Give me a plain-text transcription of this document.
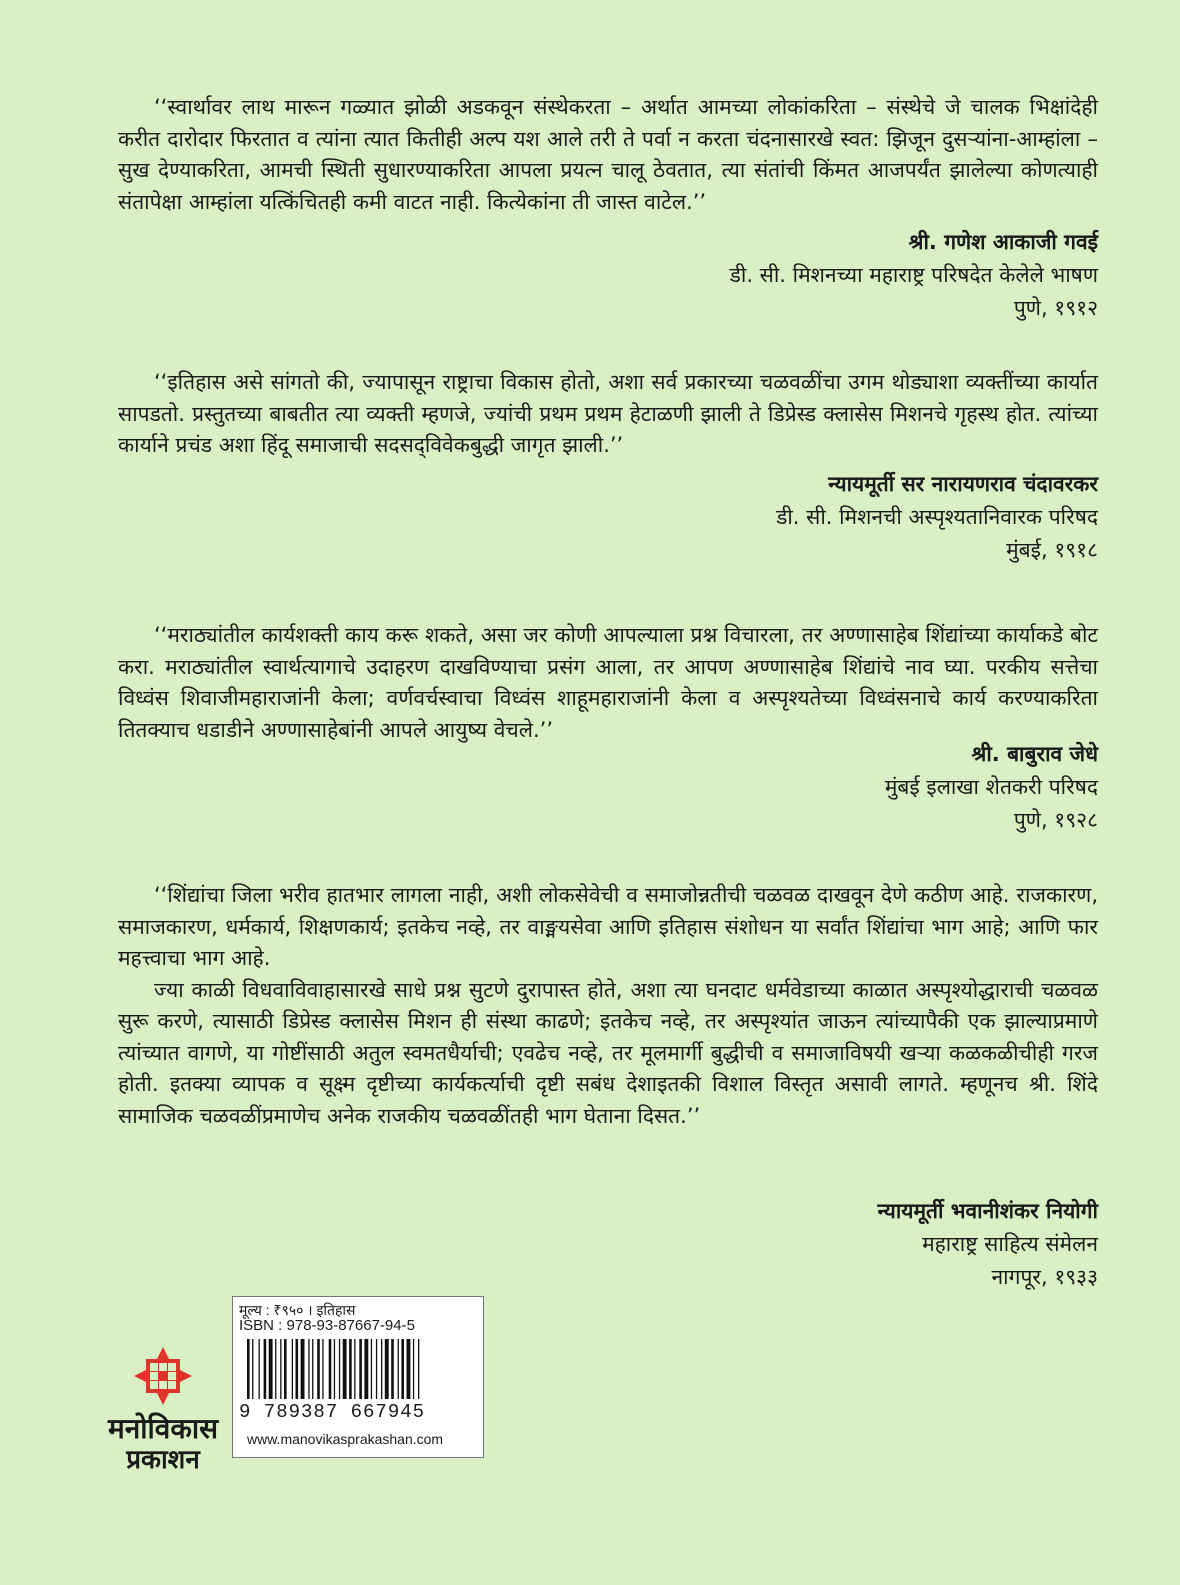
‘‘स्वार्थावर लाथ मारून गळ्यात झोळी अडकवून संस्थेकरता – अर्थात आमच्या लोकांकरिता – संस्थेचे जे चालक भिक्षांदेही करीत दारोदार फिरतात व त्यांना त्यात कितीही अल्प यश आले तरी ते पर्वा न करता चंदनासारखे स्वत: झिजून दुसऱ्यांना-आम्हांला – सुख देण्याकरिता, आमची स्थिती सुधारण्याकरिता आपला प्रयत्न चालू ठेवतात, त्या संतांची किंमत आजपर्यंत झालेल्या कोणत्याही संतापेक्षा आम्हांला यत्किंचितही कमी वाटत नाही. कित्येकांना ती जास्त वाटेल.’’

श्री. गणेश आकाजी गवई
डी. सी. मिशनच्या महाराष्ट्र परिषदेत केलेले भाषण
पुणे, १९१२

‘‘इतिहास असे सांगतो की, ज्यापासून राष्ट्राचा विकास होतो, अशा सर्व प्रकारच्या चळवळींचा उगम थोड्याशा व्यक्तींच्या कार्यात सापडतो. प्रस्तुतच्या बाबतीत त्या व्यक्ती म्हणजे, ज्यांची प्रथम प्रथम हेटाळणी झाली ते डिप्रेस्ड क्लासेस मिशनचे गृहस्थ होत. त्यांच्या कार्याने प्रचंड अशा हिंदू समाजाची सदसद्‌विवेकबुद्धी जागृत झाली.’’

न्यायमूर्ती सर नारायणराव चंदावरकर
डी. सी. मिशनची अस्पृश्यतानिवारक परिषद
मुंबई, १९१८

‘‘मराठ्यांतील कार्यशक्ती काय करू शकते, असा जर कोणी आपल्याला प्रश्न विचारला, तर अण्णासाहेब शिंद्यांच्या कार्याकडे बोट करा. मराठ्यांतील स्वार्थत्यागाचे उदाहरण दाखविण्याचा प्रसंग आला, तर आपण अण्णासाहेब शिंद्यांचे नाव घ्या. परकीय सत्तेचा विध्वंस शिवाजीमहाराजांनी केला; वर्णवर्चस्वाचा विध्वंस शाहूमहाराजांनी केला व अस्पृश्यतेच्या विध्वंसनाचे कार्य करण्याकरिता तितक्याच धडाडीने अण्णासाहेबांनी आपले आयुष्य वेचले.’’

श्री. बाबुराव जेधे
मुंबई इलाखा शेतकरी परिषद
पुणे, १९२८

‘‘शिंद्यांचा जिला भरीव हातभार लागला नाही, अशी लोकसेवेची व समाजोन्नतीची चळवळ दाखवून देणे कठीण आहे. राजकारण, समाजकारण, धर्मकार्य, शिक्षणकार्य; इतकेच नव्हे, तर वाङ्मयसेवा आणि इतिहास संशोधन या सर्वांत शिंद्यांचा भाग आहे; आणि फार महत्त्वाचा भाग आहे.

ज्या काळी विधवाविवाहासारखे साधे प्रश्न सुटणे दुरापास्त होते, अशा त्या घनदाट धर्मवेडाच्या काळात अस्पृश्योद्धाराची चळवळ सुरू करणे, त्यासाठी डिप्रेस्ड क्लासेस मिशन ही संस्था काढणे; इतकेच नव्हे, तर अस्पृश्यांत जाऊन त्यांच्यापैकी एक झाल्याप्रमाणे त्यांच्यात वागणे, या गोष्टींसाठी अतुल स्वमतधैर्याची; एवढेच नव्हे, तर मूलमार्गी बुद्धीची व समाजाविषयी खऱ्या कळकळीचीही गरज होती. इतक्या व्यापक व सूक्ष्म दृष्टीच्या कार्यकर्त्याची दृष्टी सबंध देशाइतकी विशाल विस्तृत असावी लागते. म्हणूनच श्री. शिंदे सामाजिक चळवळींप्रमाणेच अनेक राजकीय चळवळींतही भाग घेताना दिसत.’’

न्यायमूर्ती भवानीशंकर नियोगी
महाराष्ट्र साहित्य संमेलन
नागपूर, १९३३
मनोविकास
प्रकाशन
मूल्य : ₹९५० । इतिहास
ISBN : 978-93-87667-94-5
9 789387 667945
www.manovikasprakashan.com
